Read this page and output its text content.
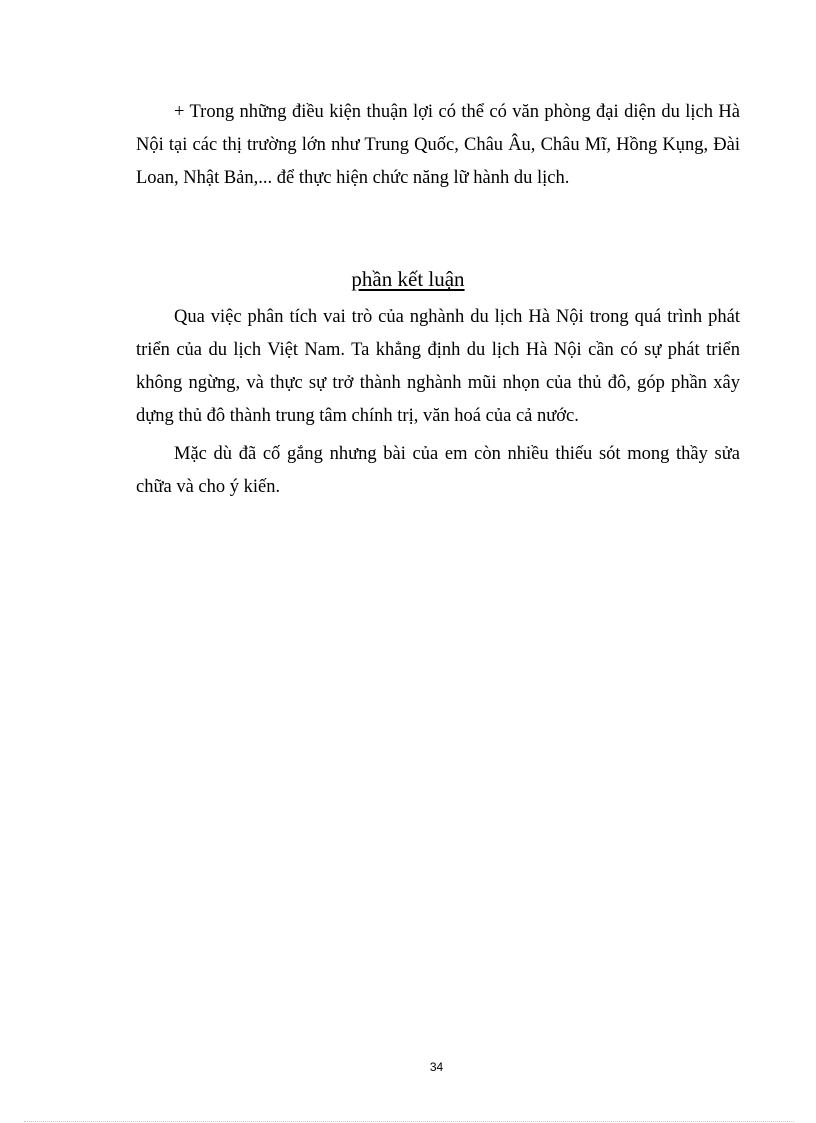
+ Trong những điều kiện thuận lợi có thể có văn phòng đại diện du lịch Hà Nội tại các thị trường lớn như Trung Quốc, Châu Âu, Châu Mĩ, Hồng Kụng, Đài Loan, Nhật Bản,... để thực hiện chức năng lữ hành du lịch.

phần kết luận

Qua việc phân tích vai trò của nghành du lịch Hà Nội trong quá trình phát triển của du lịch Việt Nam. Ta khẳng định du lịch Hà Nội cần có sự phát triển không ngừng, và thực sự trở thành nghành mũi nhọn của thủ đô, góp phần xây dựng thủ đô thành trung tâm chính trị, văn hoá của cả nước.

Mặc dù đã cố gắng nhưng bài của em còn nhiều thiếu sót mong thầy sửa chữa và cho ý kiến.

34
